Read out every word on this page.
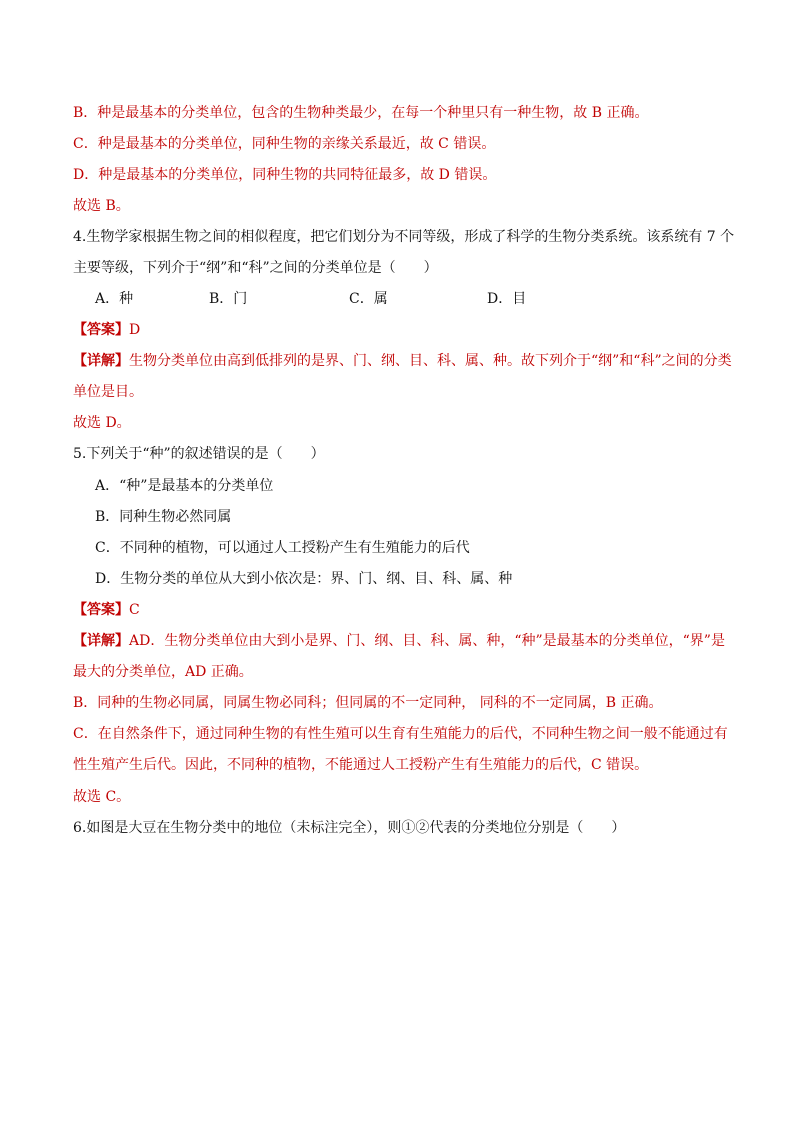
B．种是最基本的分类单位，包含的生物种类最少，在每一个种里只有一种生物，故 B 正确。
C．种是最基本的分类单位，同种生物的亲缘关系最近，故 C 错误。
D．种是最基本的分类单位，同种生物的共同特征最多，故 D 错误。
故选 B。
4.生物学家根据生物之间的相似程度，把它们划分为不同等级，形成了科学的生物分类系统。该系统有 7 个
主要等级，下列介于“纲”和“科”之间的分类单位是（　　）
A．种	B．门	C．属	D．目
【答案】D
【详解】生物分类单位由高到低排列的是界、门、纲、目、科、属、种。故下列介于“纲”和“科”之间的分类
单位是目。
故选 D。
5.下列关于“种”的叙述错误的是（　　）
A．“种”是最基本的分类单位
B．同种生物必然同属
C．不同种的植物，可以通过人工授粉产生有生殖能力的后代
D．生物分类的单位从大到小依次是：界、门、纲、目、科、属、种
【答案】C
【详解】AD．生物分类单位由大到小是界、门、纲、目、科、属、种，“种”是最基本的分类单位，“界”是
最大的分类单位，AD 正确。
B．同种的生物必同属，同属生物必同科；但同属的不一定同种， 同科的不一定同属，B 正确。
C．在自然条件下，通过同种生物的有性生殖可以生育有生殖能力的后代，不同种生物之间一般不能通过有
性生殖产生后代。因此，不同种的植物，不能通过人工授粉产生有生殖能力的后代，C 错误。
故选 C。
6.如图是大豆在生物分类中的地位（未标注完全），则①②代表的分类地位分别是（　　）
